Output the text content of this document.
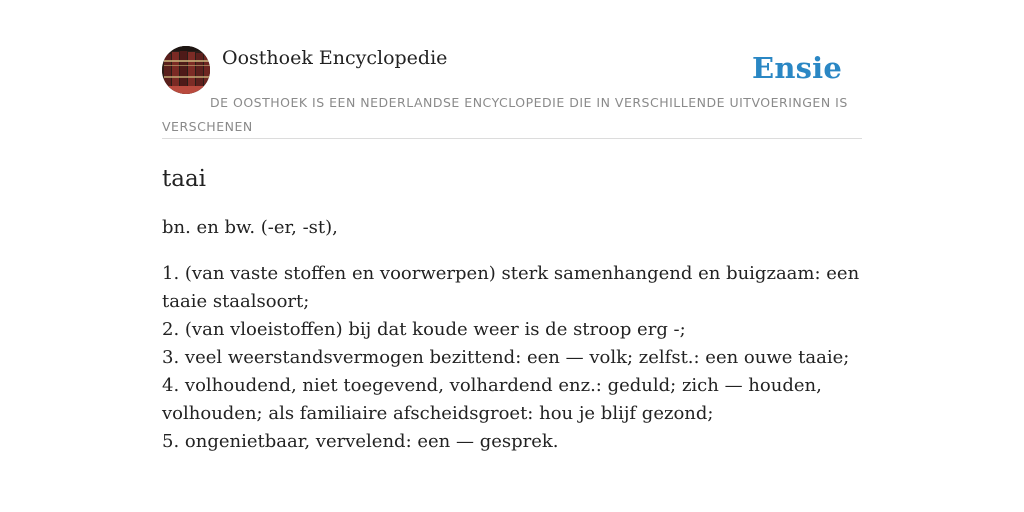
Oosthoek Encyclopedie	Ensie
DE OOSTHOEK IS EEN NEDERLANDSE ENCYCLOPEDIE DIE IN VERSCHILLENDE UITVOERINGEN IS VERSCHENEN
taai

bn. en bw. (-er, -st),

1. (van vaste stoffen en voorwerpen) sterk samenhangend en buigzaam: een taaie staalsoort;
2. (van vloeistoffen) bij dat koude weer is de stroop erg -;
3. veel weerstandsvermogen bezittend: een — volk; zelfst.: een ouwe taaie;
4. volhoudend, niet toegevend, volhardend enz.: geduld; zich — houden, volhouden; als familiaire afscheidsgroet: hou je blijf gezond;
5. ongenietbaar, vervelend: een — gesprek.
